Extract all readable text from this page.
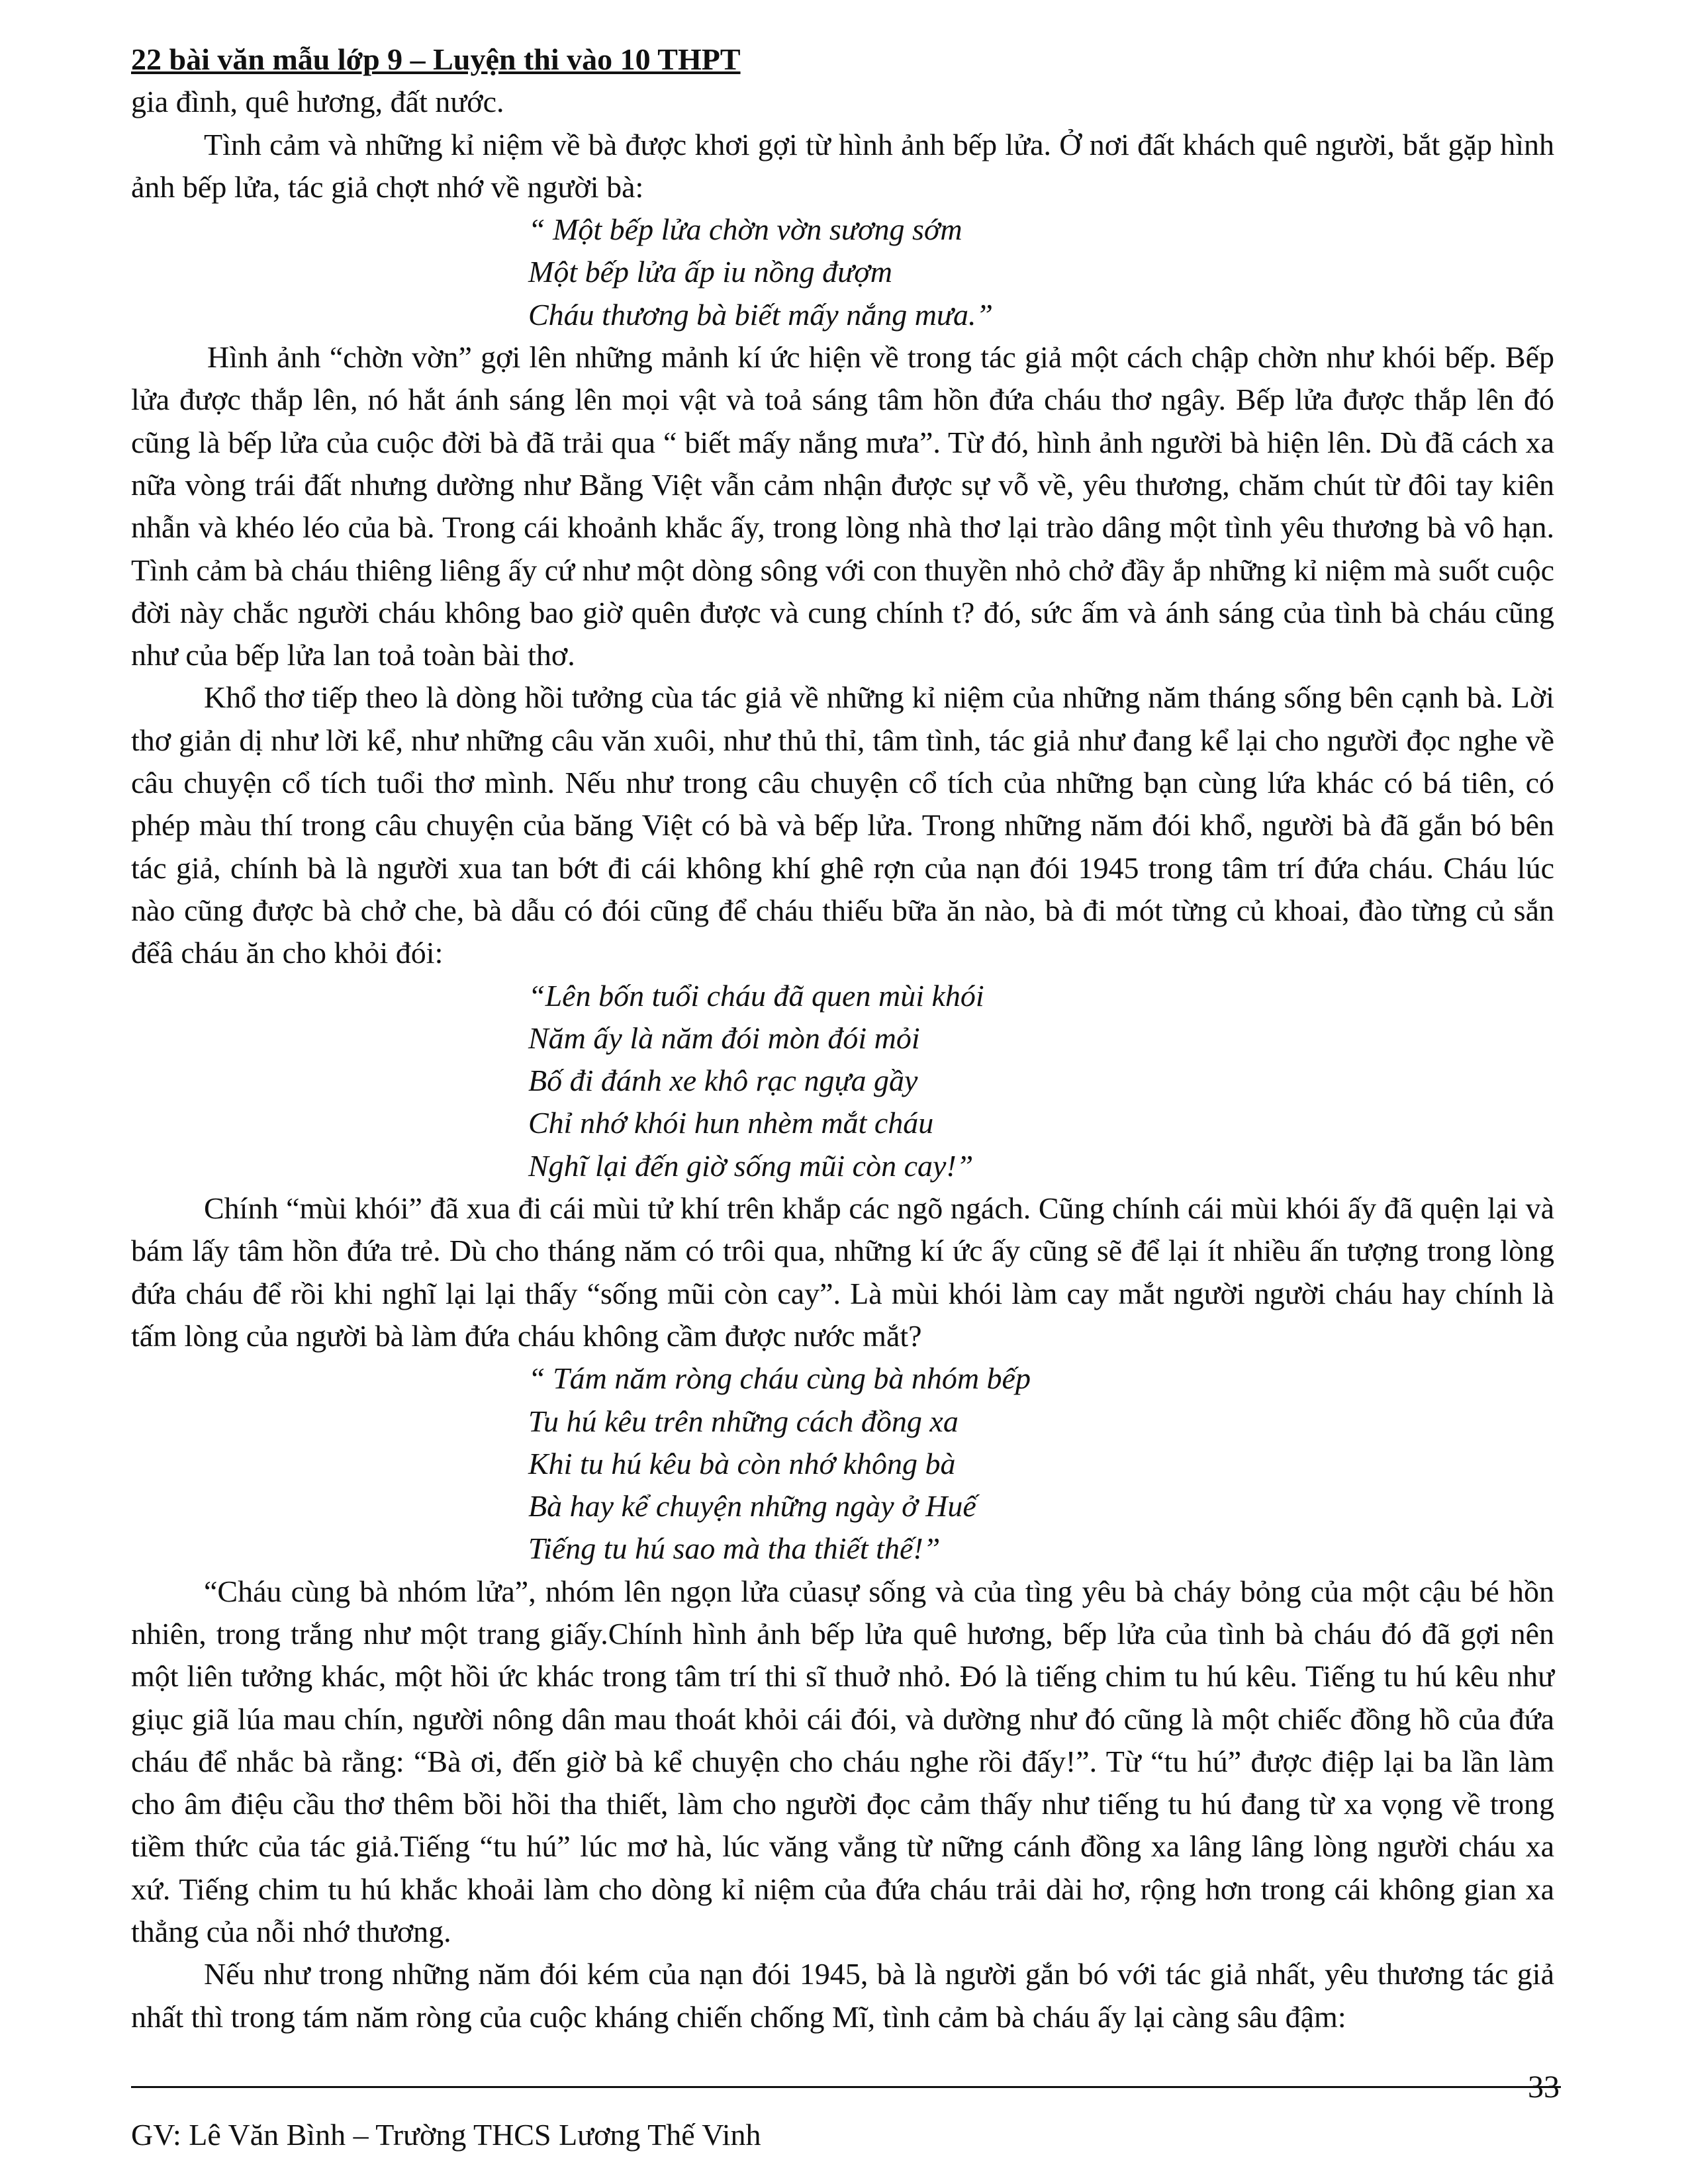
22 bài văn mẫu lớp 9 – Luyện thi vào 10 THPT
gia đình, quê hương, đất nước.
Tình cảm và những kỉ niệm về bà được khơi gợi từ hình ảnh bếp lửa. Ở nơi đất khách quê người, bắt gặp hình ảnh bếp lửa, tác giả chợt nhớ về người bà:
“ Một bếp lửa chờn vờn sương sớm
Một bếp lửa ấp iu nồng đượm
Cháu thương bà biết mấy nắng mưa.”
Hình ảnh “chờn vờn” gợi lên những mảnh kí ức hiện về trong tác giả một cách chập chờn như khói bếp. Bếp lửa được thắp lên, nó hắt ánh sáng lên mọi vật và toả sáng tâm hồn đứa cháu thơ ngây. Bếp lửa được thắp lên đó cũng là bếp lửa của cuộc đời bà đã trải qua “ biết mấy nắng mưa”. Từ đó, hình ảnh người bà hiện lên. Dù đã cách xa nữa vòng trái đất nhưng dường như Bằng Việt vẫn cảm nhận được sự vỗ về, yêu thương, chăm chút từ đôi tay kiên nhẫn và khéo léo của bà. Trong cái khoảnh khắc ấy, trong lòng nhà thơ lại trào dâng một tình yêu thương bà vô hạn. Tình cảm bà cháu thiêng liêng ấy cứ như một dòng sông với con thuyền nhỏ chở đầy ắp những kỉ niệm mà suốt cuộc đời này chắc người cháu không bao giờ quên được và cung chính t? đó, sức ấm và ánh sáng của tình bà cháu cũng như của bếp lửa lan toả toàn bài thơ.
Khổ thơ tiếp theo là dòng hồi tưởng cùa tác giả về những kỉ niệm của những năm tháng sống bên cạnh bà. Lời thơ giản dị như lời kể, như những câu văn xuôi, như thủ thỉ, tâm tình, tác giả như đang kể lại cho người đọc nghe về câu chuyện cổ tích tuổi thơ mình. Nếu như trong câu chuyện cổ tích của những bạn cùng lứa khác có bá tiên, có phép màu thí trong câu chuyện của băng Việt có bà và bếp lửa. Trong những năm đói khổ, người bà đã gắn bó bên tác giả, chính bà là người xua tan bớt đi cái không khí ghê rợn của nạn đói 1945 trong tâm trí đứa cháu. Cháu lúc nào cũng được bà chở che, bà dẫu có đói cũng để cháu thiếu bữa ăn nào, bà đi mót từng củ khoai, đào từng củ sắn đểâ cháu ăn cho khỏi đói:
“Lên bốn tuổi cháu đã quen mùi khói
Năm ấy là năm đói mòn đói mỏi
Bố đi đánh xe khô rạc ngựa gầy
Chỉ nhớ khói hun nhèm mắt cháu
Nghĩ lại đến giờ sống mũi còn cay!”
Chính “mùi khói” đã xua đi cái mùi tử khí trên khắp các ngõ ngách. Cũng chính cái mùi khói ấy đã quện lại và bám lấy tâm hồn đứa trẻ. Dù cho tháng năm có trôi qua, những kí ức ấy cũng sẽ để lại ít nhiều ấn tượng trong lòng đứa cháu để rồi khi nghĩ lại lại thấy “sống mũi còn cay”. Là mùi khói làm cay mắt người người cháu hay chính là tấm lòng của người bà làm đứa cháu không cầm được nước mắt?
“ Tám năm ròng cháu cùng bà nhóm bếp
Tu hú kêu trên những cách đồng xa
Khi tu hú kêu bà còn nhớ không bà
Bà hay kể chuyện những ngày ở Huế
Tiếng tu hú sao mà tha thiết thế!”
“Cháu cùng bà nhóm lửa”, nhóm lên ngọn lửa củasự sống và của tìng yêu bà cháy bỏng của một cậu bé hồn nhiên, trong trắng như một trang giấy.Chính hình ảnh bếp lửa quê hương, bếp lửa của tình bà cháu đó đã gợi nên một liên tưởng khác, một hồi ức khác trong tâm trí thi sĩ thuở nhỏ. Đó là tiếng chim tu hú kêu. Tiếng tu hú kêu như giục giã lúa mau chín, người nông dân mau thoát khỏi cái đói, và dường như đó cũng là một chiếc đồng hồ của đứa cháu để nhắc bà rằng: “Bà ơi, đến giờ bà kể chuyện cho cháu nghe rồi đấy!”. Từ “tu hú” được điệp lại ba lần làm cho âm điệu cầu thơ thêm bồi hồi tha thiết, làm cho người đọc cảm thấy như tiếng tu hú đang từ xa vọng về trong tiềm thức của tác giả.Tiếng “tu hú” lúc mơ hà, lúc văng vẳng từ nững cánh đồng xa lâng lâng lòng người cháu xa xứ. Tiếng chim tu hú khắc khoải làm cho dòng kỉ niệm của đứa cháu trải dài hơ, rộng hơn trong cái không gian xa thẳng của nỗi nhớ thương.
Nếu như trong những năm đói kém của nạn đói 1945, bà là người gắn bó với tác giả nhất, yêu thương tác giả nhất thì trong tám năm ròng của cuộc kháng chiến chống Mĩ, tình cảm bà cháu ấy lại càng sâu đậm:
33
GV: Lê Văn Bình – Trường THCS Lương Thế Vinh
